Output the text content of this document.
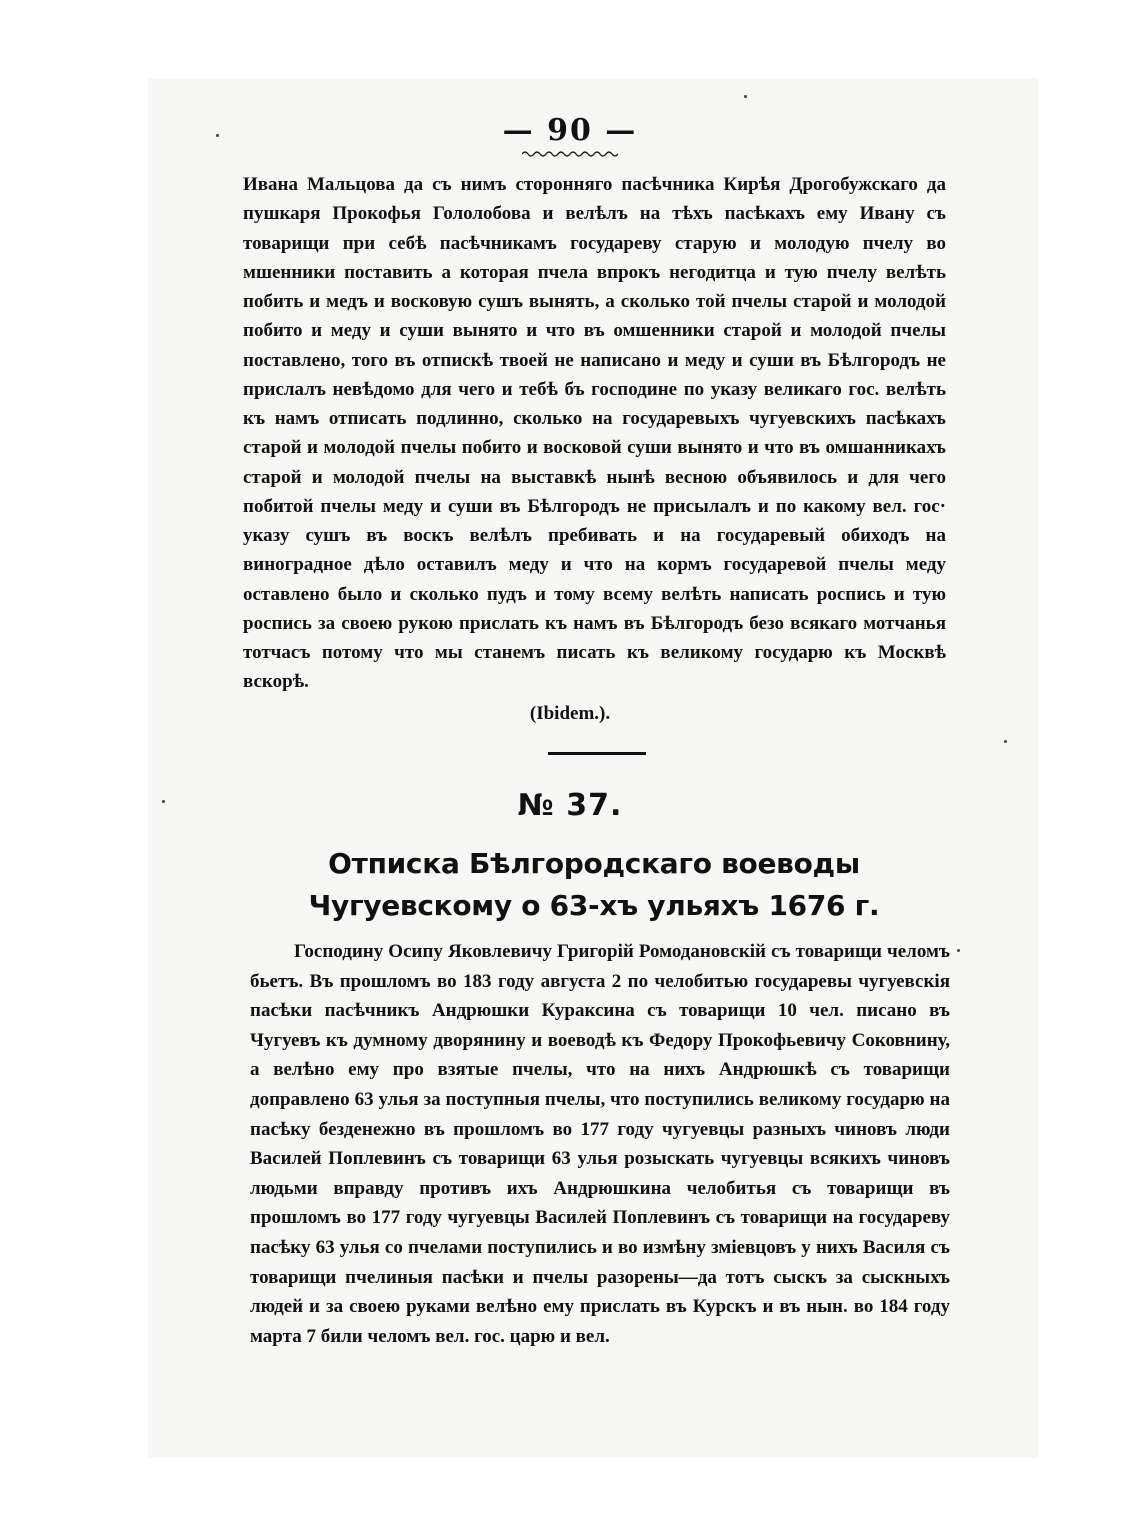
— 90 —

Ивана Мальцова да съ нимъ сторонняго пасѣчника Кирѣя Дрогобужскаго да пушкаря Прокофья Гололобова и велѣлъ на тѣхъ пасѣкахъ ему Ивану съ товарищи при себѣ пасѣчникамъ государеву старую и молодую пчелу во мшенники поставить а которая пчела впрокъ негодитца и тую пчелу велѣть побить и медъ и восковую сушъ вынять, а сколько той пчелы старой и молодой побито и меду и суши вынято и что въ омшенники старой и молодой пчелы поставлено, того въ отпискѣ твоей не написано и меду и суши въ Бѣлгородъ не прислалъ невѣдомо для чего и тебѣ бъ господине по указу великаго гос. велѣть къ намъ отписать подлинно, сколько на государевыхъ чугуевскихъ пасѣкахъ старой и молодой пчелы побито и восковой суши вынято и что въ омшанникахъ старой и молодой пчелы на выставкѣ нынѣ весною объявилось и для чего побитой пчелы меду и суши въ Бѣлгородъ не присылалъ и по какому вел. гос· указу сушъ въ воскъ велѣлъ пребивать и на государевый обиходъ на виноградное дѣло оставилъ меду и что на кормъ государевой пчелы меду оставлено было и сколько пудъ и тому всему велѣть написать роспись и тую роспись за своею рукою прислать къ намъ въ Бѣлгородъ безо всякаго мотчанья тотчасъ потому что мы станемъ писать къ великому государю къ Москвѣ вскорѣ.

(Ibidem.).
№ 37.
Отписка Бѣлгородскаго воеводы Чугуевскому о 63-хъ ульяхъ 1676 г.

Господину Осипу Яковлевичу Григорій Ромодановскій съ товарищи челомъ бьетъ. Въ прошломъ во 183 году августа 2 по челобитью государевы чугуевскія пасѣки пасѣчникъ Андрюшки Кураксина съ товарищи 10 чел. писано въ Чугуевъ къ думному дворянину и воеводѣ къ Федору Прокофьевичу Соковнину, а велѣно ему про взятые пчелы, что на нихъ Андрюшкѣ съ товарищи доправлено 63 улья за поступныя пчелы, что поступились великому государю на пасѣку безденежно въ прошломъ во 177 году чугуевцы разныхъ чиновъ люди Василей Поплевинъ съ товарищи 63 улья розыскать чугуевцы всякихъ чиновъ людьми вправду противъ ихъ Андрюшкина челобитья съ товарищи въ прошломъ во 177 году чугуевцы Василей Поплевинъ съ товарищи на государеву пасѣку 63 улья со пчелами поступились и во измѣну зміевцовъ у нихъ Василя съ товарищи пчелиныя пасѣки и пчелы разорены—да тотъ сыскъ за сыскныхъ людей и за своею руками велѣно ему прислать въ Курскъ и въ нын. во 184 году марта 7 били челомъ вел. гос. царю и вел.
